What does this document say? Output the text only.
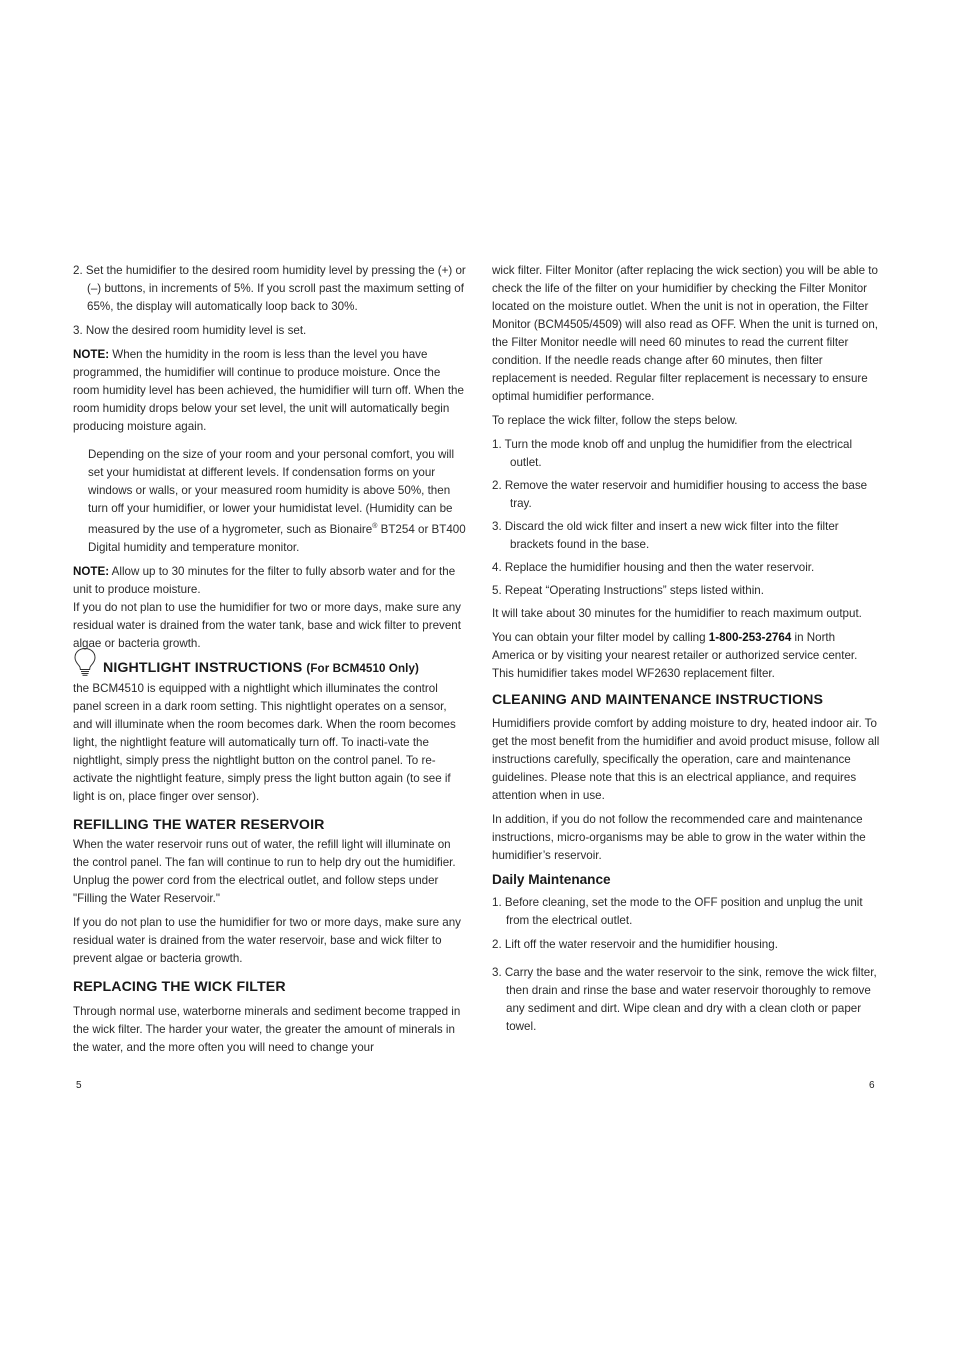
2. Set the humidifier to the desired room humidity level by pressing the (+) or (–) buttons, in increments of 5%. If you scroll past the maximum setting of 65%, the display will automatically loop back to 30%.

3. Now the desired room humidity level is set.

NOTE: When the humidity in the room is less than the level you have programmed, the humidifier will continue to produce moisture. Once the room humidity level has been achieved, the humidifier will turn off. When the room humidity drops below your set level, the unit will automatically begin producing moisture again.

Depending on the size of your room and your personal comfort, you will set your humidistat at different levels. If condensation forms on your windows or walls, or your measured room humidity is above 50%, then turn off your humidifier, or lower your humidistat level. (Humidity can be measured by the use of a hygrometer, such as Bionaire® BT254 or BT400 Digital humidity and temperature monitor.

NOTE: Allow up to 30 minutes for the filter to fully absorb water and for the unit to produce moisture.

If you do not plan to use the humidifier for two or more days, make sure any residual water is drained from the water tank, base and wick filter to prevent algae or bacteria growth.

NIGHTLIGHT INSTRUCTIONS (For BCM4510 Only)

the BCM4510 is equipped with a nightlight which illuminates the control panel screen in a dark room setting. This nightlight operates on a sensor, and will illuminate when the room becomes dark. When the room becomes light, the nightlight feature will automatically turn off. To inacti-vate the nightlight, simply press the nightlight button on the control panel. To re-activate the nightlight feature, simply press the light button again (to see if light is on, place finger over sensor).

REFILLING THE WATER RESERVOIR

When the water reservoir runs out of water, the refill light will illuminate on the control panel. The fan will continue to run to help dry out the humidifier. Unplug the power cord from the electrical outlet, and follow steps under "Filling the Water Reservoir."

If you do not plan to use the humidifier for two or more days, make sure any residual water is drained from the water reservoir, base and wick filter to prevent algae or bacteria growth.

REPLACING THE WICK FILTER

Through normal use, waterborne minerals and sediment become trapped in the wick filter. The harder your water, the greater the amount of minerals in the water, and the more often you will need to change your

wick filter. Filter Monitor (after replacing the wick section) you will be able to check the life of the filter on your humidifier by checking the Filter Monitor located on the moisture outlet. When the unit is not in operation, the Filter Monitor (BCM4505/4509) will also read as OFF. When the unit is turned on, the Filter Monitor needle will need 60 minutes to read the current filter condition. If the needle reads change after 60 minutes, then filter replacement is needed. Regular filter replacement is necessary to ensure optimal humidifier performance.

To replace the wick filter, follow the steps below.

1. Turn the mode knob off and unplug the humidifier from the electrical outlet.

2. Remove the water reservoir and humidifier housing to access the base tray.

3. Discard the old wick filter and insert a new wick filter into the filter brackets found in the base.

4. Replace the humidifier housing and then the water reservoir.

5. Repeat “Operating Instructions” steps listed within.

It will take about 30 minutes for the humidifier to reach maximum output.

You can obtain your filter model by calling 1-800-253-2764 in North America or by visiting your nearest retailer or authorized service center. This humidifier takes model WF2630 replacement filter.

CLEANING AND MAINTENANCE INSTRUCTIONS

Humidifiers provide comfort by adding moisture to dry, heated indoor air. To get the most benefit from the humidifier and avoid product misuse, follow all instructions carefully, specifically the operation, care and maintenance guidelines. Please note that this is an electrical appliance, and requires attention when in use.

In addition, if you do not follow the recommended care and maintenance instructions, micro-organisms may be able to grow in the water within the humidifier’s reservoir.

Daily Maintenance

1. Before cleaning, set the mode to the OFF position and unplug the unit from the electrical outlet.

2. Lift off the water reservoir and the humidifier housing.

3. Carry the base and the water reservoir to the sink, remove the wick filter, then drain and rinse the base and water reservoir thoroughly to remove any sediment and dirt. Wipe clean and dry with a clean cloth or paper towel.

5	6
